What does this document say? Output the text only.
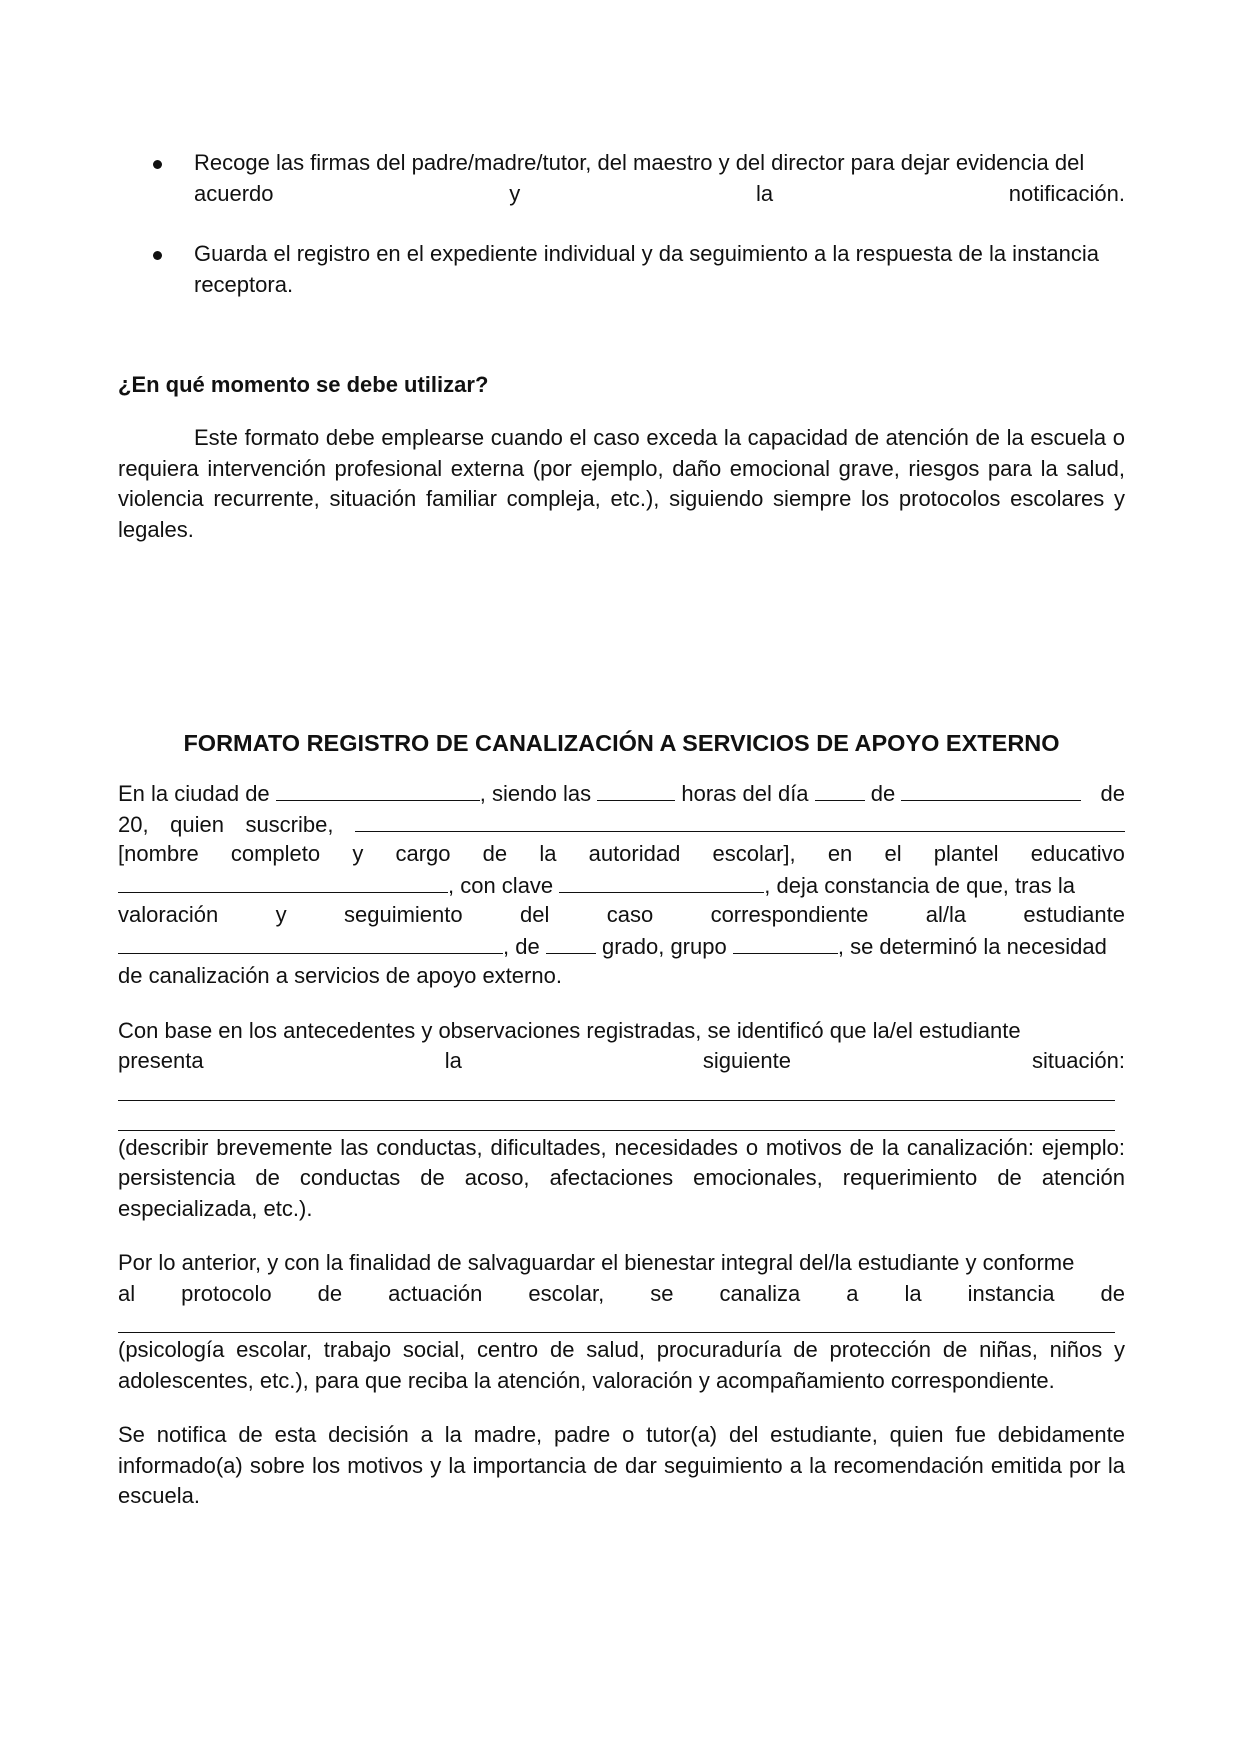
Recoge las firmas del padre/madre/tutor, del maestro y del director para dejar evidencia del
acuerdo	y	la	notificación.
Guarda el registro en el expediente individual y da seguimiento a la respuesta de la instancia
receptora.
¿En qué momento se debe utilizar?
Este formato debe emplearse cuando el caso exceda la capacidad de atención de la escuela o requiera intervención profesional externa (por ejemplo, daño emocional grave, riesgos para la salud, violencia recurrente, situación familiar compleja, etc.), siguiendo siempre los protocolos escolares y legales.
FORMATO REGISTRO DE CANALIZACIÓN A SERVICIOS DE APOYO EXTERNO
En la ciudad de	, siendo las	horas del día	de	de
20, quien suscribe,
[nombre completo y cargo de la autoridad escolar], en el plantel educativo
, con clave	, deja constancia de que, tras la
valoración	y	seguimiento	del	caso	correspondiente	al/la	estudiante
, de	grado, grupo	, se determinó la necesidad
de canalización a servicios de apoyo externo.
Con base en los antecedentes y observaciones registradas, se identificó que la/el estudiante
presenta	la	siguiente	situación:
(describir brevemente las conductas, dificultades, necesidades o motivos de la canalización: ejemplo: persistencia de conductas de acoso, afectaciones emocionales, requerimiento de atención especializada, etc.).
Por lo anterior, y con la finalidad de salvaguardar el bienestar integral del/la estudiante y conforme
al protocolo de actuación escolar, se canaliza a la instancia de
(psicología escolar, trabajo social, centro de salud, procuraduría de protección de niñas, niños y adolescentes, etc.), para que reciba la atención, valoración y acompañamiento correspondiente.
Se notifica de esta decisión a la madre, padre o tutor(a) del estudiante, quien fue debidamente informado(a) sobre los motivos y la importancia de dar seguimiento a la recomendación emitida por la escuela.
